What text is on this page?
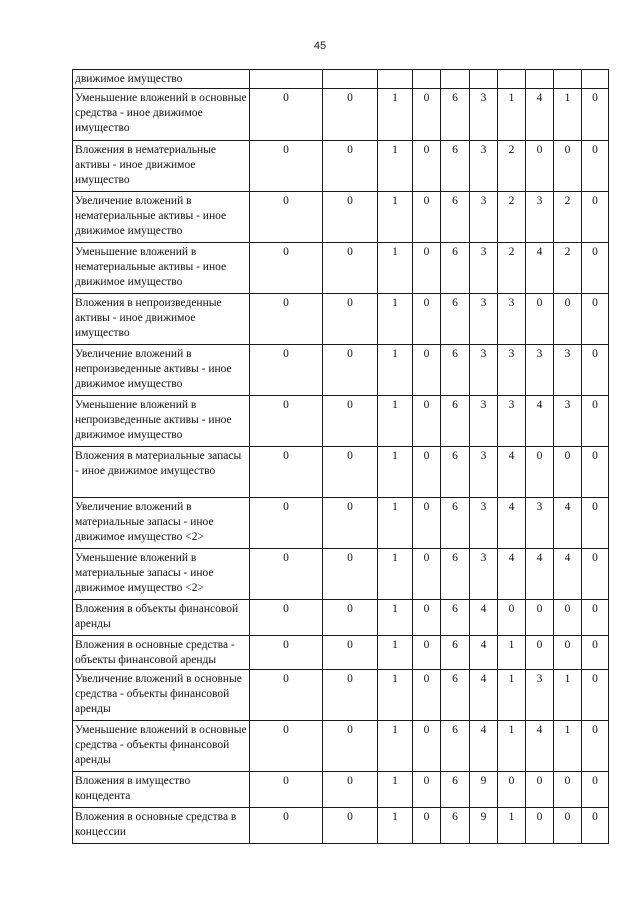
45
движимое имущество										
Уменьшение вложений в основные средства - иное движимое имущество	0	0	1	0	6	3	1	4	1	0
Вложения в нематериальные активы - иное движимое имущество	0	0	1	0	6	3	2	0	0	0
Увеличение вложений в нематериальные активы - иное движимое имущество	0	0	1	0	6	3	2	3	2	0
Уменьшение вложений в нематериальные активы - иное движимое имущество	0	0	1	0	6	3	2	4	2	0
Вложения в непроизведенные активы - иное движимое имущество	0	0	1	0	6	3	3	0	0	0
Увеличение вложений в непроизведенные активы - иное движимое имущество	0	0	1	0	6	3	3	3	3	0
Уменьшение вложений в непроизведенные активы - иное движимое имущество	0	0	1	0	6	3	3	4	3	0
Вложения в материальные запасы - иное движимое имущество	0	0	1	0	6	3	4	0	0	0
Увеличение вложений в материальные запасы - иное движимое имущество <2>	0	0	1	0	6	3	4	3	4	0
Уменьшение вложений в материальные запасы - иное движимое имущество <2>	0	0	1	0	6	3	4	4	4	0
Вложения в объекты финансовой аренды	0	0	1	0	6	4	0	0	0	0
Вложения в основные средства - объекты финансовой аренды	0	0	1	0	6	4	1	0	0	0
Увеличение вложений в основные средства - объекты финансовой аренды	0	0	1	0	6	4	1	3	1	0
Уменьшение вложений в основные средства - объекты финансовой аренды	0	0	1	0	6	4	1	4	1	0
Вложения в имущество концедента	0	0	1	0	6	9	0	0	0	0
Вложения в основные средства в концессии	0	0	1	0	6	9	1	0	0	0
